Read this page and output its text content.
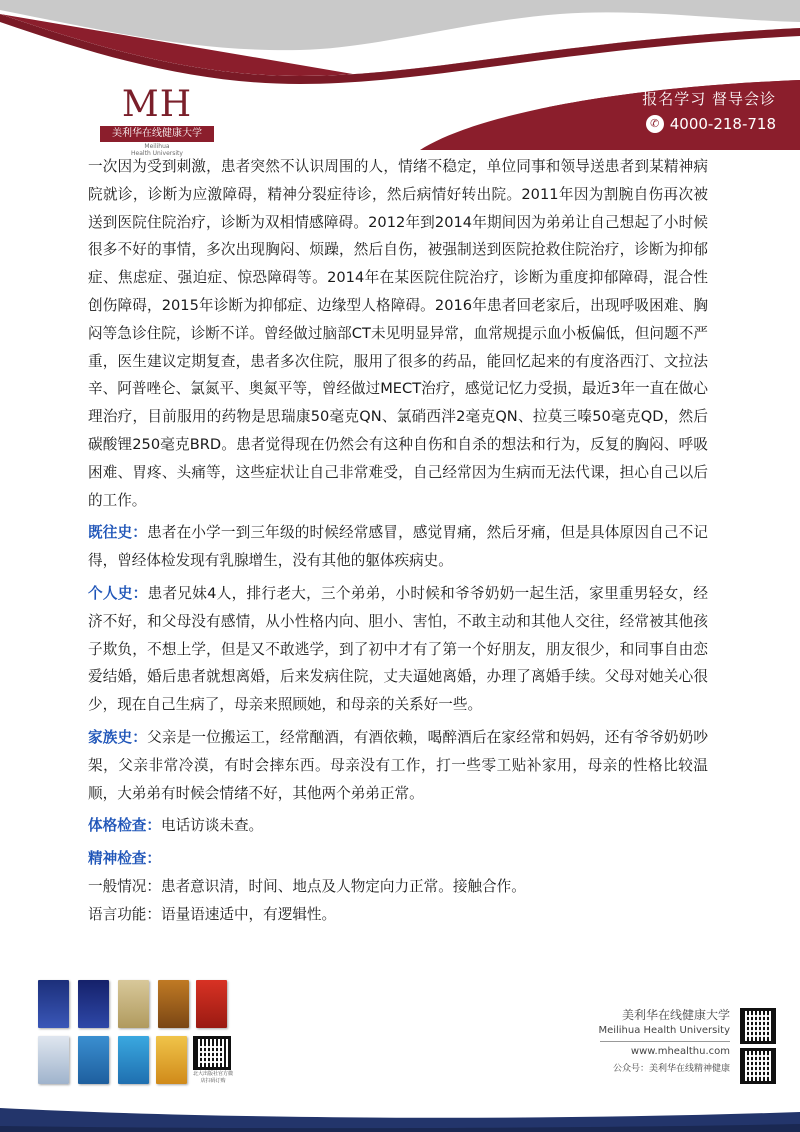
MH
美利华在线健康大学
Meilihua
Health University
报名学习 督导会诊
✆ 4000-218-718

一次因为受到刺激，患者突然不认识周围的人，情绪不稳定，单位同事和领导送患者到某精神病院就诊，诊断为应激障碍，精神分裂症待诊，然后病情好转出院。2011年因为割腕自伤再次被送到医院住院治疗，诊断为双相情感障碍。2012年到2014年期间因为弟弟让自己想起了小时候很多不好的事情，多次出现胸闷、烦躁，然后自伤，被强制送到医院抢救住院治疗，诊断为抑郁症、焦虑症、强迫症、惊恐障碍等。2014年在某医院住院治疗，诊断为重度抑郁障碍，混合性创伤障碍，2015年诊断为抑郁症、边缘型人格障碍。2016年患者回老家后，出现呼吸困难、胸闷等急诊住院，诊断不详。曾经做过脑部CT未见明显异常，血常规提示血小板偏低，但问题不严重，医生建议定期复查，患者多次住院，服用了很多的药品，能回忆起来的有度洛西汀、文拉法辛、阿普唑仑、氯氮平、奥氮平等，曾经做过MECT治疗，感觉记忆力受损，最近3年一直在做心理治疗，目前服用的药物是思瑞康50毫克QN、氯硝西泮2毫克QN、拉莫三嗪50毫克QD，然后碳酸锂250毫克BRD。患者觉得现在仍然会有这种自伤和自杀的想法和行为，反复的胸闷、呼吸困难、胃疼、头痛等，这些症状让自己非常难受，自己经常因为生病而无法代课，担心自己以后的工作。

既往史：患者在小学一到三年级的时候经常感冒，感觉胃痛，然后牙痛，但是具体原因自己不记得，曾经体检发现有乳腺增生，没有其他的躯体疾病史。

个人史：患者兄妹4人，排行老大，三个弟弟，小时候和爷爷奶奶一起生活，家里重男轻女，经济不好，和父母没有感情，从小性格内向、胆小、害怕，不敢主动和其他人交往，经常被其他孩子欺负，不想上学，但是又不敢逃学，到了初中才有了第一个好朋友，朋友很少，和同事自由恋爱结婚，婚后患者就想离婚，后来发病住院，丈夫逼她离婚，办理了离婚手续。父母对她关心很少，现在自己生病了，母亲来照顾她，和母亲的关系好一些。

家族史：父亲是一位搬运工，经常酗酒，有酒依赖，喝醉酒后在家经常和妈妈，还有爷爷奶奶吵架，父亲非常冷漠，有时会摔东西。母亲没有工作，打一些零工贴补家用，母亲的性格比较温顺，大弟弟有时候会情绪不好，其他两个弟弟正常。

体格检查：电话访谈未查。

精神检查：

一般情况：患者意识清，时间、地点及人物定向力正常。接触合作。

语言功能：语量语速适中，有逻辑性。

北大出版社官方微店扫码订购
美利华在线健康大学
Meilihua Health University
www.mhealthu.com
公众号：美利华在线精神健康
